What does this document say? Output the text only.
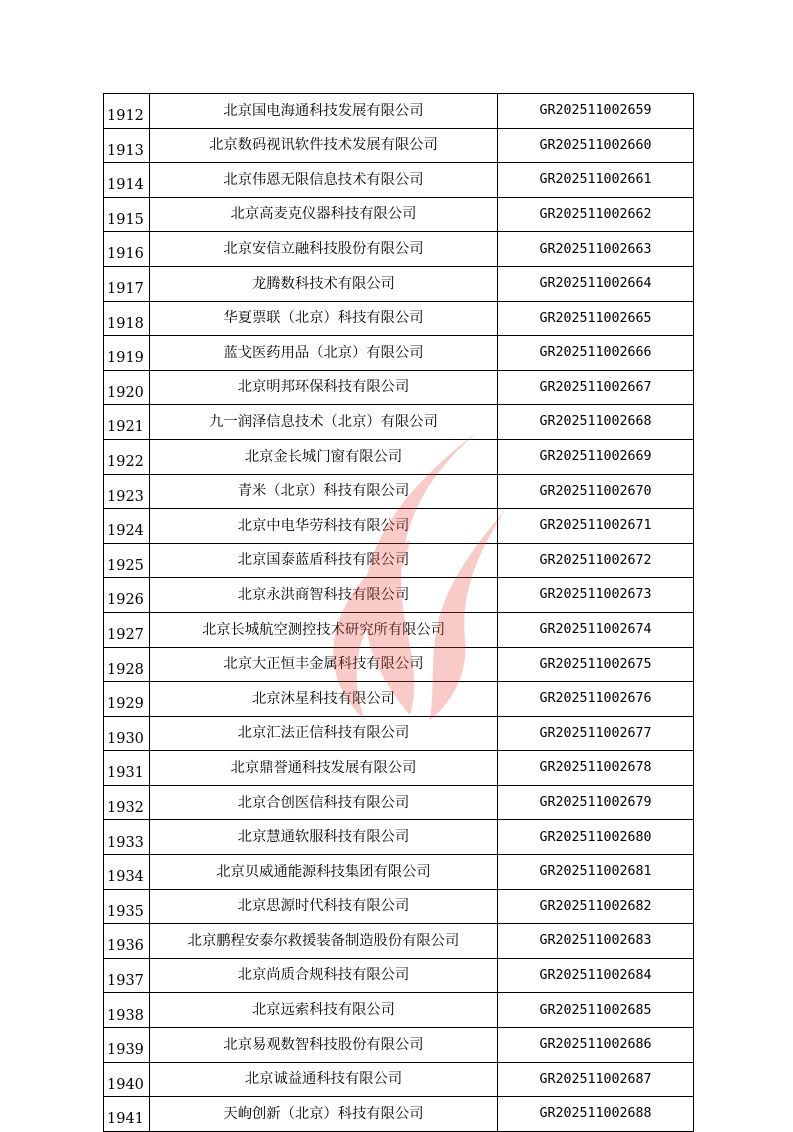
1912	北京国电海通科技发展有限公司	GR202511002659
1913	北京数码视讯软件技术发展有限公司	GR202511002660
1914	北京伟恩无限信息技术有限公司	GR202511002661
1915	北京高麦克仪器科技有限公司	GR202511002662
1916	北京安信立融科技股份有限公司	GR202511002663
1917	龙腾数科技术有限公司	GR202511002664
1918	华夏票联（北京）科技有限公司	GR202511002665
1919	蓝戈医药用品（北京）有限公司	GR202511002666
1920	北京明邦环保科技有限公司	GR202511002667
1921	九一润泽信息技术（北京）有限公司	GR202511002668
1922	北京金长城门窗有限公司	GR202511002669
1923	青米（北京）科技有限公司	GR202511002670
1924	北京中电华劳科技有限公司	GR202511002671
1925	北京国泰蓝盾科技有限公司	GR202511002672
1926	北京永洪商智科技有限公司	GR202511002673
1927	北京长城航空测控技术研究所有限公司	GR202511002674
1928	北京大正恒丰金属科技有限公司	GR202511002675
1929	北京沐星科技有限公司	GR202511002676
1930	北京汇法正信科技有限公司	GR202511002677
1931	北京鼎誉通科技发展有限公司	GR202511002678
1932	北京合创医信科技有限公司	GR202511002679
1933	北京慧通软服科技有限公司	GR202511002680
1934	北京贝威通能源科技集团有限公司	GR202511002681
1935	北京思源时代科技有限公司	GR202511002682
1936	北京鹏程安泰尔救援装备制造股份有限公司	GR202511002683
1937	北京尚质合规科技有限公司	GR202511002684
1938	北京远索科技有限公司	GR202511002685
1939	北京易观数智科技股份有限公司	GR202511002686
1940	北京诚益通科技有限公司	GR202511002687
1941	天峋创新（北京）科技有限公司	GR202511002688
